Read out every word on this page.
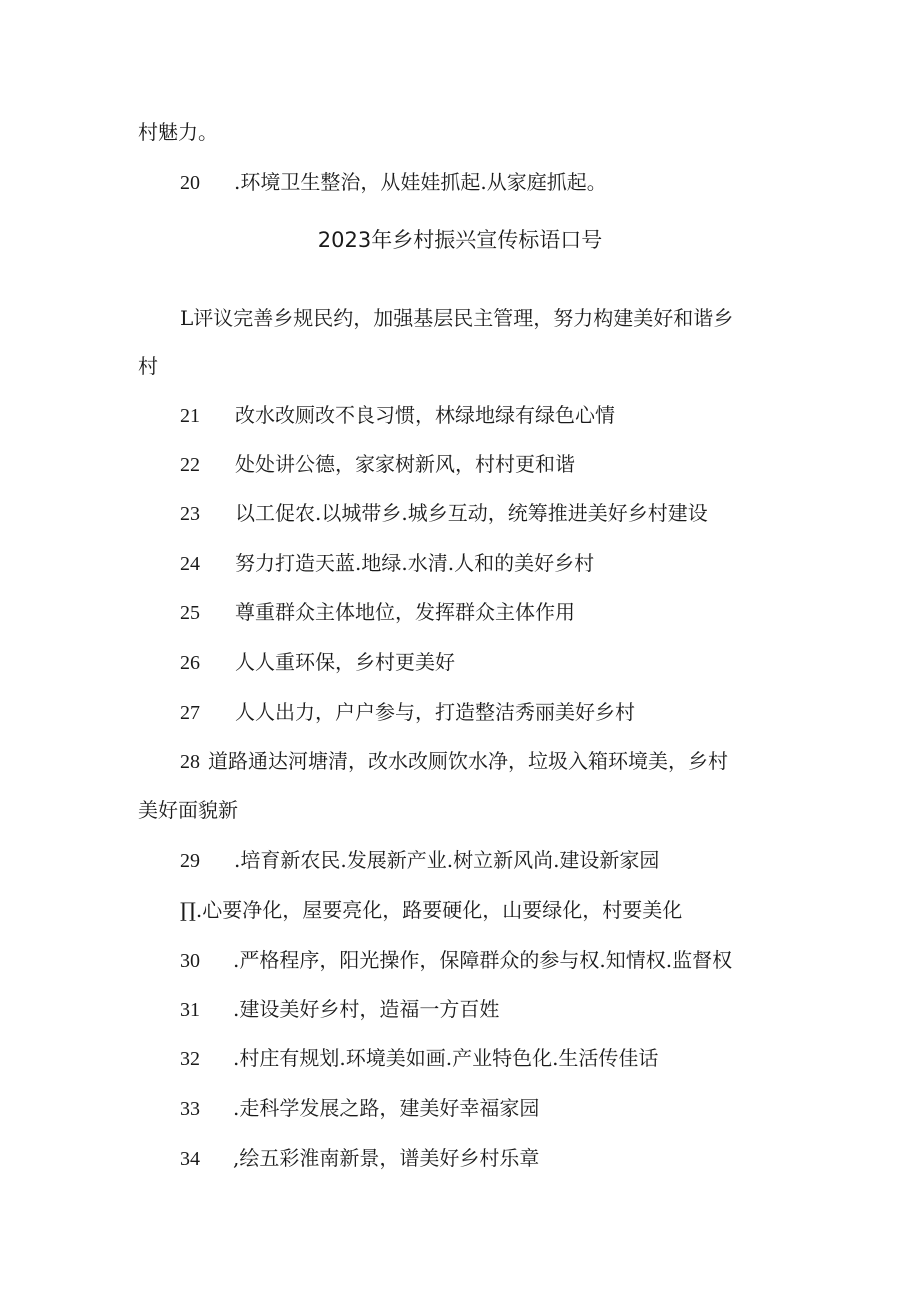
村魅力。
20 .环境卫生整治，从娃娃抓起.从家庭抓起。
2023年乡村振兴宣传标语口号
L评议完善乡规民约，加强基层民主管理，努力构建美好和谐乡
村
21 改水改厕改不良习惯，林绿地绿有绿色心情
22 处处讲公德，家家树新风，村村更和谐
23 以工促农.以城带乡.城乡互动，统筹推进美好乡村建设
24 努力打造天蓝.地绿.水清.人和的美好乡村
25 尊重群众主体地位，发挥群众主体作用
26 人人重环保，乡村更美好
27 人人出力，户户参与，打造整洁秀丽美好乡村
28 道路通达河塘清，改水改厕饮水净，垃圾入箱环境美，乡村
美好面貌新
29 .培育新农民.发展新产业.树立新风尚.建设新家园
∏.心要净化，屋要亮化，路要硬化，山要绿化，村要美化
30 .严格程序，阳光操作，保障群众的参与权.知情权.监督权
31 .建设美好乡村，造福一方百姓
32 .村庄有规划.环境美如画.产业特色化.生活传佳话
33 .走科学发展之路，建美好幸福家园
34 ,绘五彩淮南新景，谱美好乡村乐章
